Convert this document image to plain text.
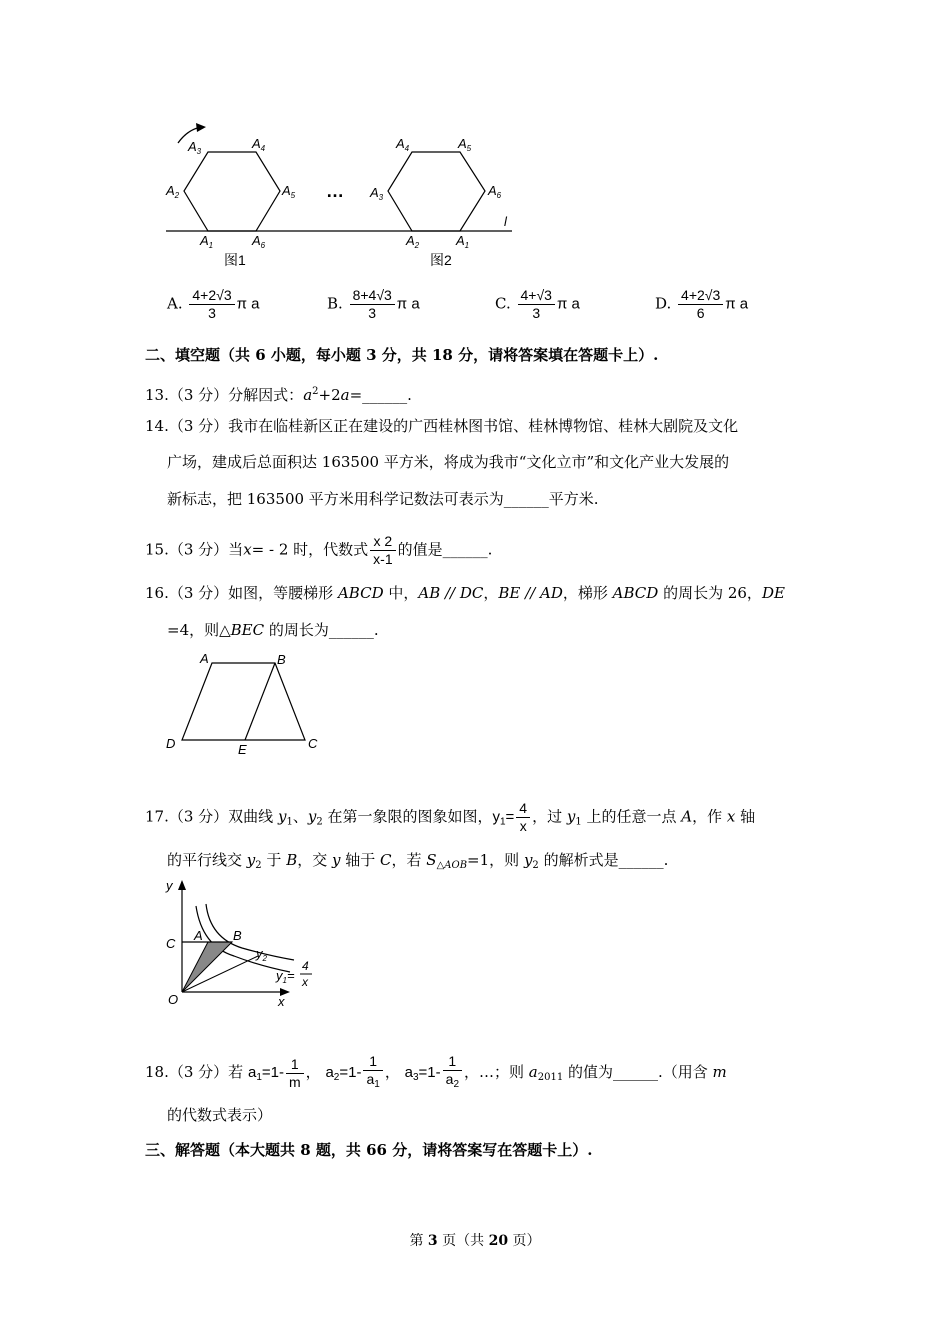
$A_3$
$A_4$
$A_2$	$A_5$
$A_1$	$A_6$
图1
…
$A_4$	$A_5$
$A_3$	$A_6$
$A_2$	$A_1$
图2
l
A. $\frac{4+2√3}{3}$ π a	B. $\frac{8+4√3}{3}$ π a	C. $\frac{4+√3}{3}$ π a	D. $\frac{4+2√3}{6}$ π a
二、填空题（共 6 小题，每小题 3 分，共 18 分，请将答案填在答题卡上）.
13.（3 分）分解因式：$a^2+2a=\_\_\_\_\_\_$.
14.（3 分）我市在临桂新区正在建设的广西桂林图书馆、桂林博物馆、桂林大剧院及文化
广场，建成后总面积达 163500 平方米，将成为我市“文化立市”和文化产业大发展的
新标志，把 163500 平方米用科学记数法可表示为______平方米.
15.（3 分）当x= - 2 时，代数式 $\frac{x 2}{x-1}$ 的值是______.
16.（3 分）如图，等腰梯形 ABCD 中，AB // DC，BE // AD，梯形 ABCD 的周长为 26，DE
=4，则△BEC 的周长为______.
A	B
D	E	C
17.（3 分）双曲线 $y_1$、$y_2$ 在第一象限的图象如图，$y_1= \frac{4}{x}$ ，过 $y_1$ 上的任意一点 A，作 x 轴
的平行线交 $y_2$ 于 B，交 y 轴于 C，若 $S_{\triangle AOB}=1$，则 $y_2$ 的解析式是______.
y
C
A B
$y_2$
$y_1=$
4
x
O	x
18.（3 分）若 $a_1=1- \frac{1}{m}$ ， $a_2=1- \frac{1}{a_1}$ ， $a_3=1- \frac{1}{a_2}$ ，…；则 $a_{2011}$ 的值为______.（用含 m
的代数式表示）
三、解答题（本大题共 8 题，共 66 分，请将答案写在答题卡上）.
第 3 页（共 20 页）
